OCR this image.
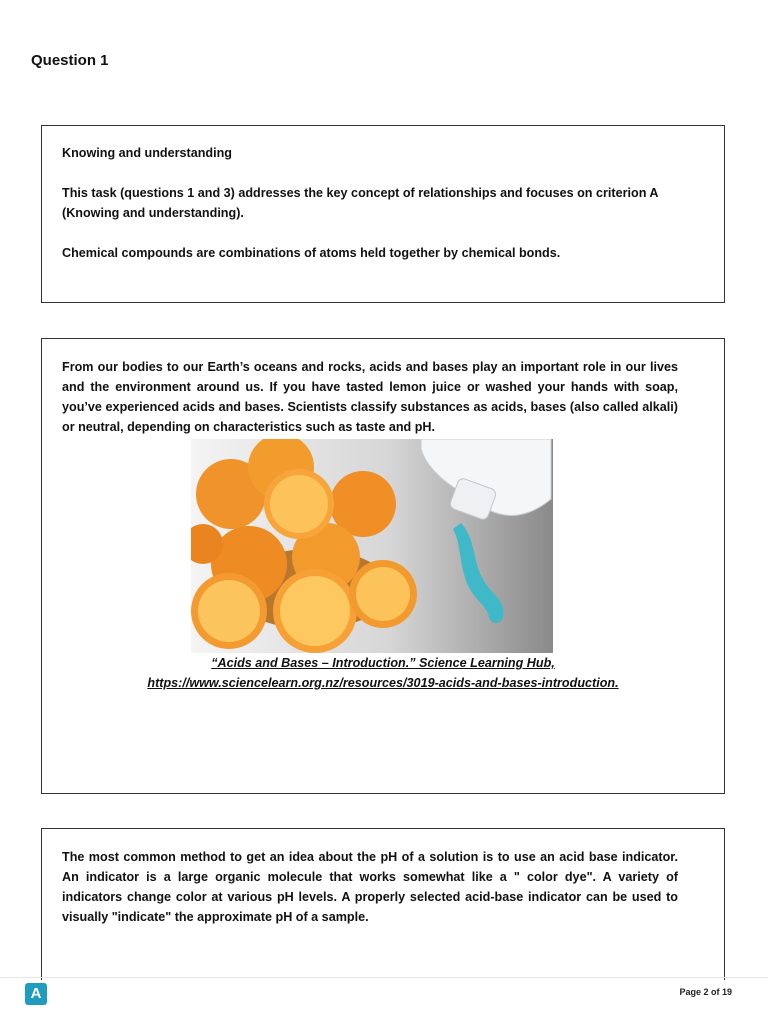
Question 1

Knowing and understanding

This task (questions 1 and 3) addresses the key concept of relationships and focuses on criterion A (Knowing and understanding).

Chemical compounds are combinations of atoms held together by chemical bonds.

From our bodies to our Earth’s oceans and rocks, acids and bases play an important role in our lives and the environment around us. If you have tasted lemon juice or washed your hands with soap, you’ve experienced acids and bases. Scientists classify substances as acids, bases (also called alkali) or neutral, depending on characteristics such as taste and pH.

“Acids and Bases – Introduction.” Science Learning Hub,
https://www.sciencelearn.org.nz/resources/3019-acids-and-bases-introduction.

The most common method to get an idea about the pH of a solution is to use an acid base indicator. An indicator is a large organic molecule that works somewhat like a " color dye". A variety of indicators change color at various pH levels. A properly selected acid-base indicator can be used to visually "indicate" the approximate pH of a sample.

A	Page 2 of 19
